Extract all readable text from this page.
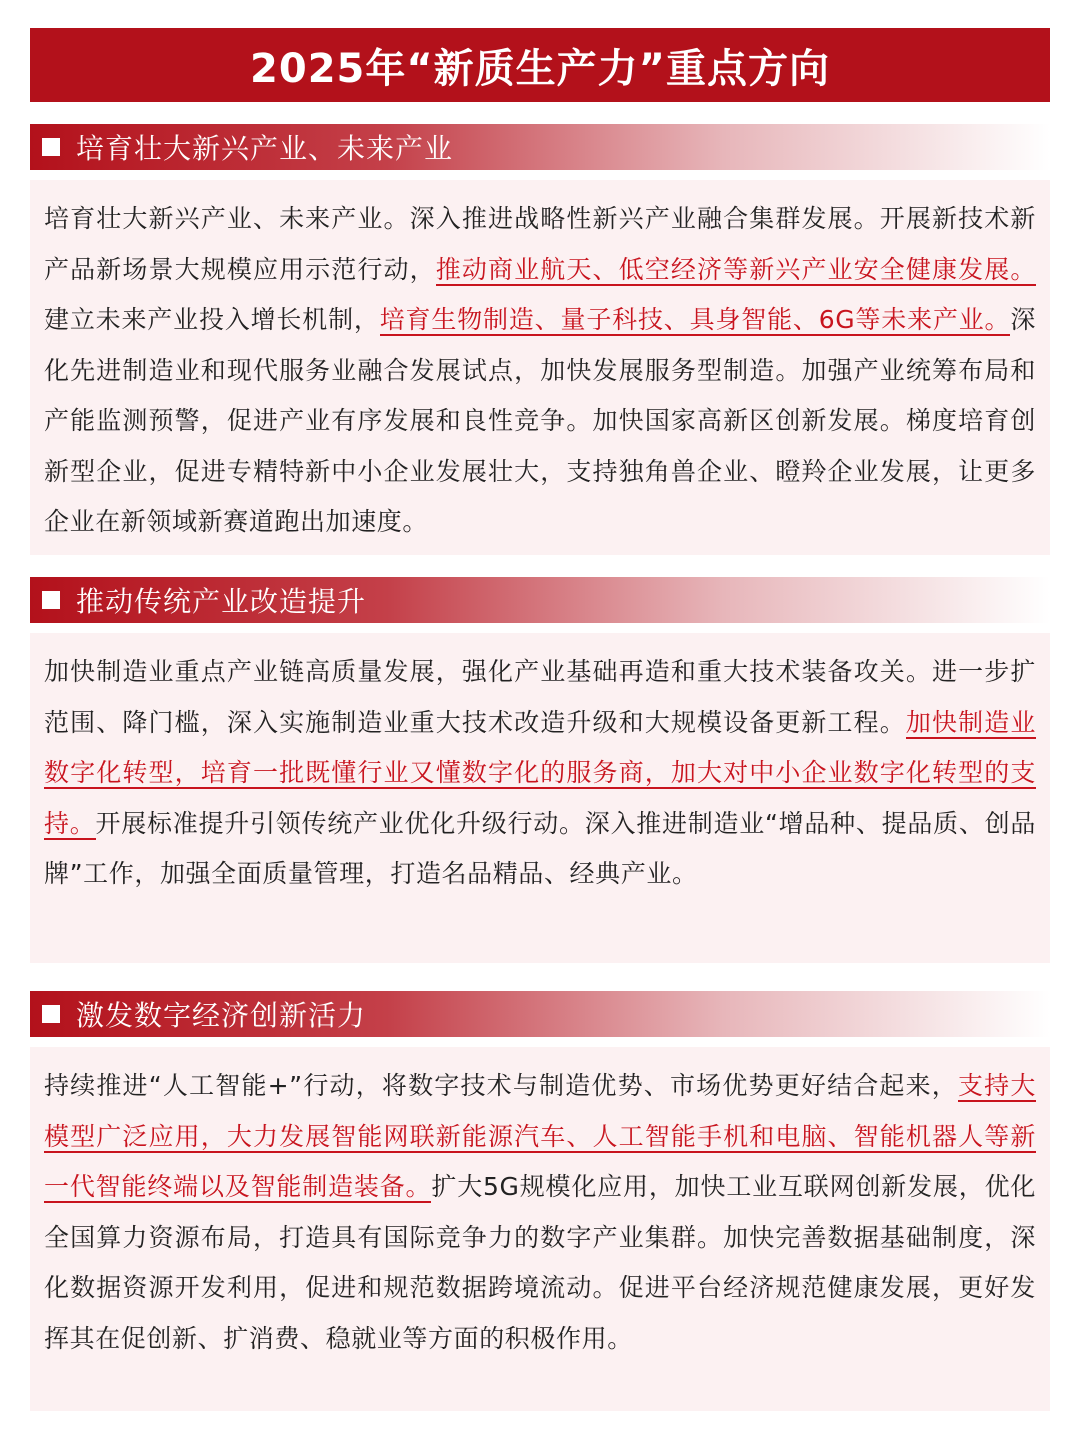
2025年“新质生产力”重点方向
培育壮大新兴产业、未来产业

培育壮大新兴产业、未来产业。深入推进战略性新兴产业融合集群发展。开展新技术新产品新场景大规模应用示范行动，推动商业航天、低空经济等新兴产业安全健康发展。建立未来产业投入增长机制，培育生物制造、量子科技、具身智能、6G等未来产业。深化先进制造业和现代服务业融合发展试点，加快发展服务型制造。加强产业统筹布局和产能监测预警，促进产业有序发展和良性竞争。加快国家高新区创新发展。梯度培育创新型企业，促进专精特新中小企业发展壮大，支持独角兽企业、瞪羚企业发展，让更多企业在新领域新赛道跑出加速度。

推动传统产业改造提升

加快制造业重点产业链高质量发展，强化产业基础再造和重大技术装备攻关。进一步扩范围、降门槛，深入实施制造业重大技术改造升级和大规模设备更新工程。加快制造业数字化转型，培育一批既懂行业又懂数字化的服务商，加大对中小企业数字化转型的支持。开展标准提升引领传统产业优化升级行动。深入推进制造业“增品种、提品质、创品牌”工作，加强全面质量管理，打造名品精品、经典产业。

激发数字经济创新活力

持续推进“人工智能+”行动，将数字技术与制造优势、市场优势更好结合起来，支持大模型广泛应用，大力发展智能网联新能源汽车、人工智能手机和电脑、智能机器人等新一代智能终端以及智能制造装备。扩大5G规模化应用，加快工业互联网创新发展，优化全国算力资源布局，打造具有国际竞争力的数字产业集群。加快完善数据基础制度，深化数据资源开发利用，促进和规范数据跨境流动。促进平台经济规范健康发展，更好发挥其在促创新、扩消费、稳就业等方面的积极作用。
